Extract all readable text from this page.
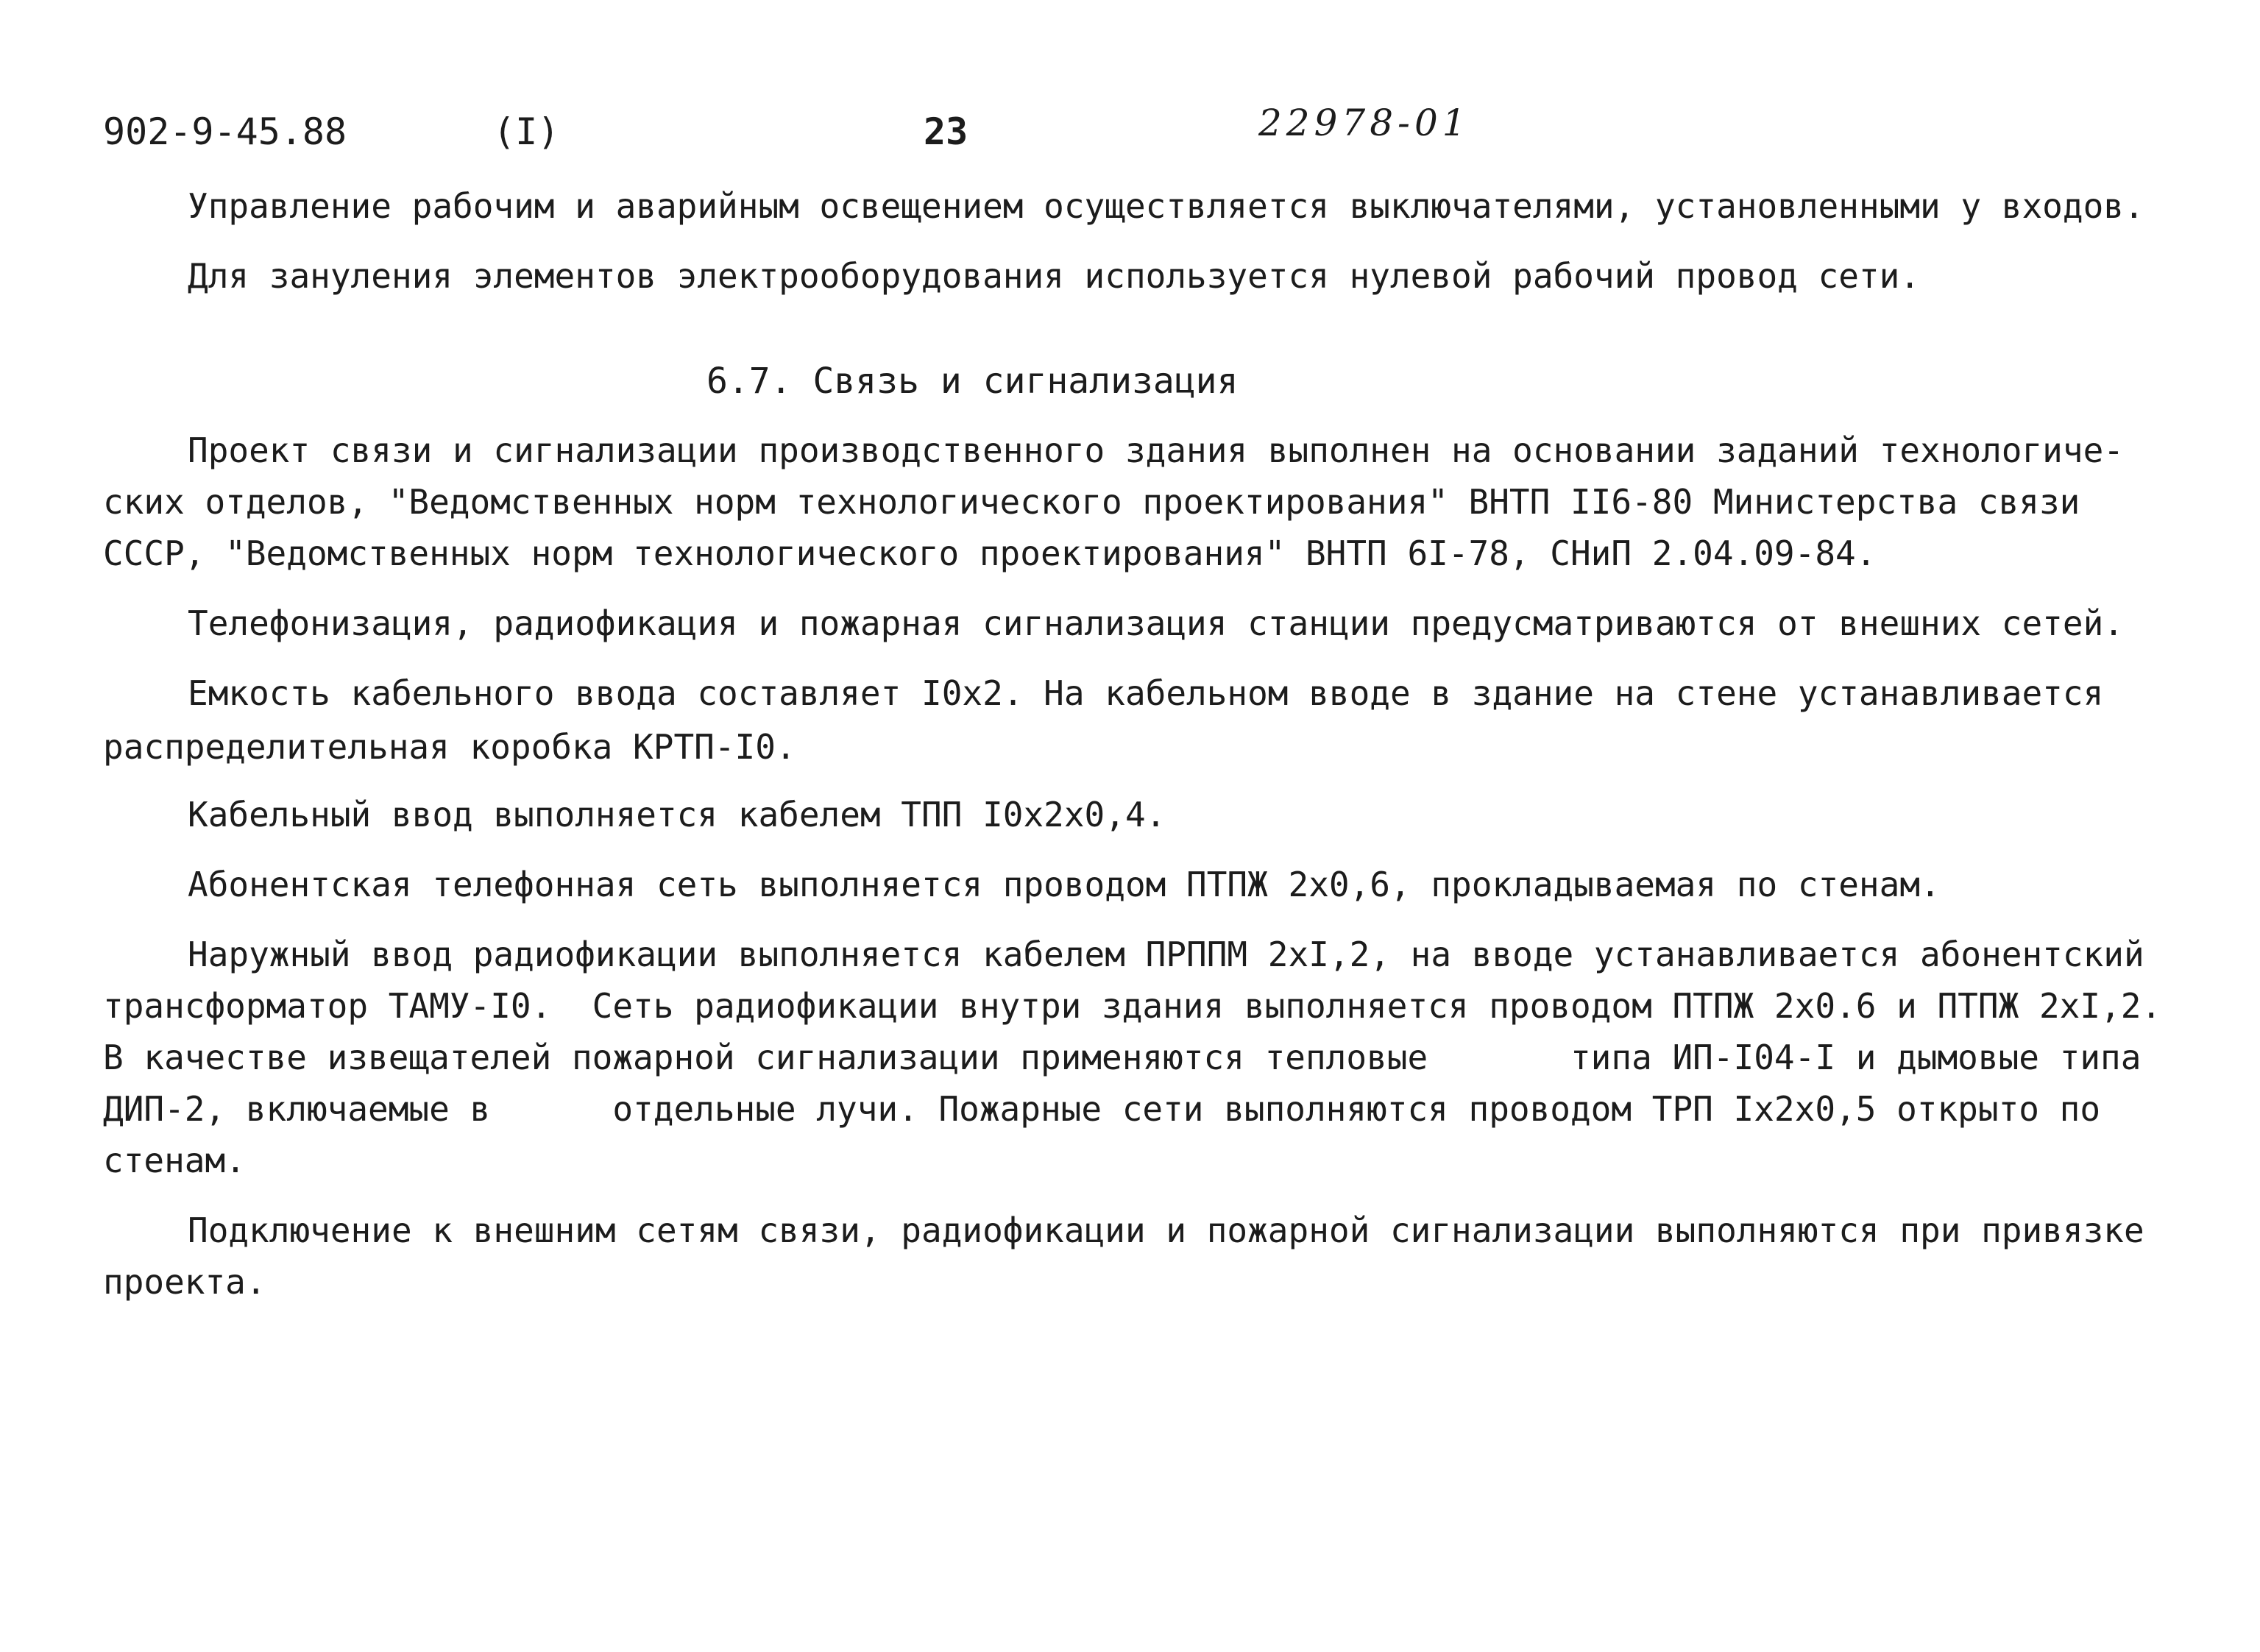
902-9-45.88	(I)	23	22978-01
Управление рабочим и аварийным освещением осуществляется выключателями, установленными у входов.
Для зануления элементов электрооборудования используется нулевой рабочий провод сети.
6.7. Связь и сигнализация
Проект связи и сигнализации производственного здания выполнен на основании заданий технологиче-
ских отделов, "Ведомственных норм технологического проектирования" ВНТП II6-80 Министерства связи
СССР, "Ведомственных норм технологического проектирования" ВНТП 6I-78, СНиП 2.04.09-84.
Телефонизация, радиофикация и пожарная сигнализация станции предусматриваются от внешних сетей.
Емкость кабельного ввода составляет I0х2. На кабельном вводе в здание на стене устанавливается
распределительная коробка КРТП-I0.
Кабельный ввод выполняется кабелем ТПП I0х2х0,4.
Абонентская телефонная сеть выполняется проводом ПТПЖ 2х0,6, прокладываемая по стенам.
Наружный ввод радиофикации выполняется кабелем ПРППМ 2хI,2, на вводе устанавливается абонентский
трансформатор ТАМУ-I0.  Сеть радиофикации внутри здания выполняется проводом ПТПЖ 2х0.6 и ПТПЖ 2хI,2.
В качестве извещателей пожарной сигнализации применяются тепловые       типа ИП-I04-I и дымовые типа
ДИП-2, включаемые в      отдельные лучи. Пожарные сети выполняются проводом ТРП Iх2х0,5 открыто по
стенам.
Подключение к внешним сетям связи, радиофикации и пожарной сигнализации выполняются при привязке
проекта.
